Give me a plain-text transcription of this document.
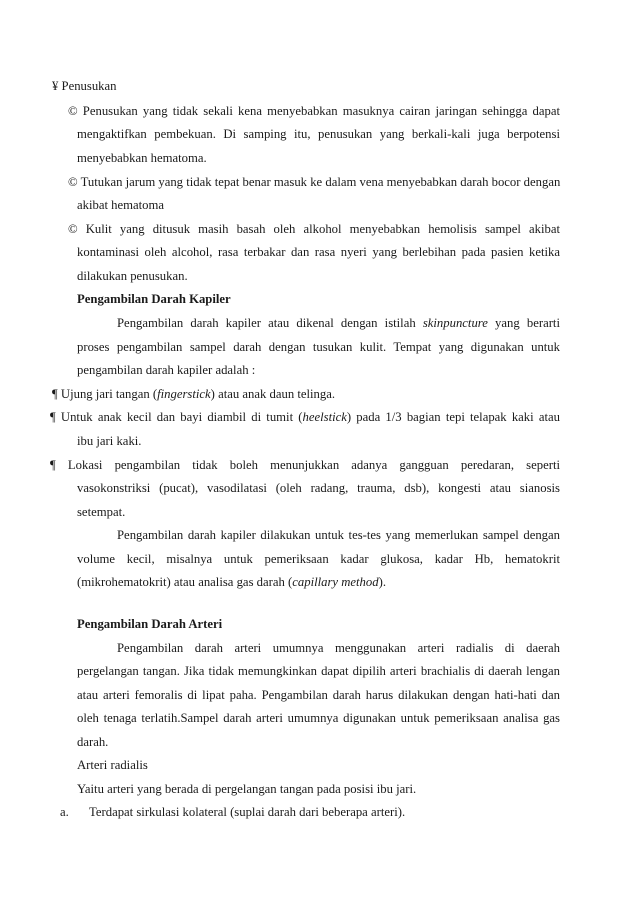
¥ Penusukan
© Penusukan yang tidak sekali kena menyebabkan masuknya cairan jaringan sehingga dapat
mengaktifkan pembekuan. Di samping itu, penusukan yang berkali-kali juga berpotensi
menyebabkan hematoma.
© Tutukan jarum yang tidak tepat benar masuk ke dalam vena menyebabkan darah bocor dengan
akibat hematoma
© Kulit yang ditusuk masih basah oleh alkohol menyebabkan hemolisis sampel akibat
kontaminasi oleh alcohol, rasa terbakar dan rasa nyeri yang berlebihan pada pasien ketika
dilakukan penusukan.
Pengambilan Darah Kapiler
Pengambilan darah kapiler atau dikenal dengan istilah skinpuncture yang berarti
proses pengambilan sampel darah dengan tusukan kulit. Tempat yang digunakan untuk
pengambilan darah kapiler adalah :
¶ Ujung jari tangan (fingerstick) atau anak daun telinga.
¶ Untuk anak kecil dan bayi diambil di tumit (heelstick) pada 1/3 bagian tepi telapak kaki atau
ibu jari kaki.
¶ Lokasi pengambilan tidak boleh menunjukkan adanya gangguan peredaran, seperti
vasokonstriksi (pucat), vasodilatasi (oleh radang, trauma, dsb), kongesti atau sianosis
setempat.
Pengambilan darah kapiler dilakukan untuk tes-tes yang memerlukan sampel dengan
volume kecil, misalnya untuk pemeriksaan kadar glukosa, kadar Hb, hematokrit
(mikrohematokrit) atau analisa gas darah (capillary method).
Pengambilan Darah Arteri
Pengambilan darah arteri umumnya menggunakan arteri radialis di daerah
pergelangan tangan. Jika tidak memungkinkan dapat dipilih arteri brachialis di daerah lengan
atau arteri femoralis di lipat paha. Pengambilan darah harus dilakukan dengan hati-hati dan
oleh tenaga terlatih.Sampel darah arteri umumnya digunakan untuk pemeriksaan analisa gas
darah.
Arteri radialis
Yaitu arteri yang berada di pergelangan tangan pada posisi ibu jari.
a. Terdapat sirkulasi kolateral (suplai darah dari beberapa arteri).
